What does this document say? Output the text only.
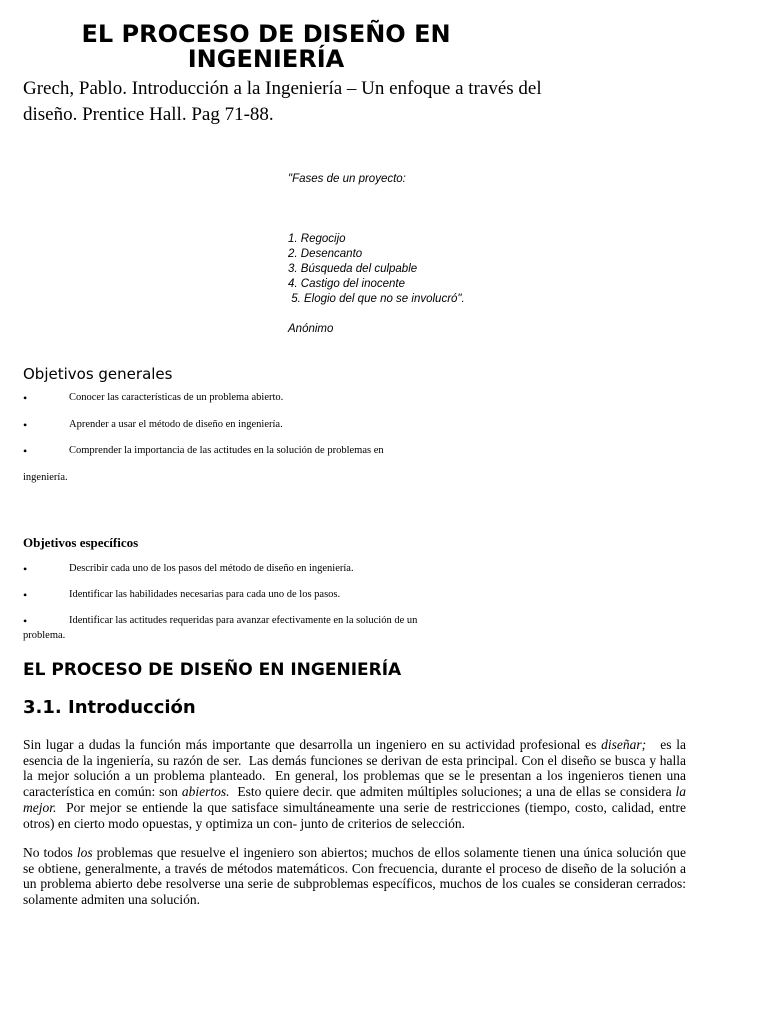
EL PROCESO DE DISEÑO EN INGENIERÍA

Grech, Pablo. Introducción a la Ingeniería – Un enfoque a través del diseño. Prentice Hall. Pag 71-88.

"Fases de un proyecto:
1. Regocijo
2. Desencanto
3. Búsqueda del culpable
4. Castigo del inocente
5. Elogio del que no se involucró".
Anónimo
Objetivos generales
•	Conocer las características de un problema abierto.
•	Aprender a usar el método de diseño en ingeniería.
•	Comprender la importancia de las actitudes en la solución de problemas en
ingeniería.
Objetivos específicos
•	Describir cada uno de los pasos del método de diseño en ingeniería.
•	Identificar las habilidades necesarias para cada uno de los pasos.
•	Identificar las actitudes requeridas para avanzar efectivamente en la solución de un
problema.
EL PROCESO DE DISEÑO EN INGENIERÍA
3.1. Introducción

Sin lugar a dudas la función más importante que desarrolla un ingeniero en su actividad profesional es diseñar;   es la esencia de la ingeniería, su razón de ser.  Las demás funciones se derivan de esta principal. Con el diseño se busca y halla la mejor solución a un problema planteado.  En general, los problemas que se le presentan a los ingenieros tienen una característica en común: son abiertos.  Esto quiere decir. que admiten múltiples soluciones; a una de ellas se considera la mejor.  Por mejor se entiende la que satisface simultáneamente una serie de restricciones (tiempo, costo, calidad, entre otros) en cierto modo opuestas, y optimiza un con- junto de criterios de selección.

No todos los problemas que resuelve el ingeniero son abiertos; muchos de ellos solamente tienen una única solución que se obtiene, generalmente, a través de métodos matemáticos. Con frecuencia, durante el proceso de diseño de la solución a un problema abierto debe resolverse una serie de subproblemas específicos, muchos de los cuales se consideran cerrados: solamente admiten una solución.
